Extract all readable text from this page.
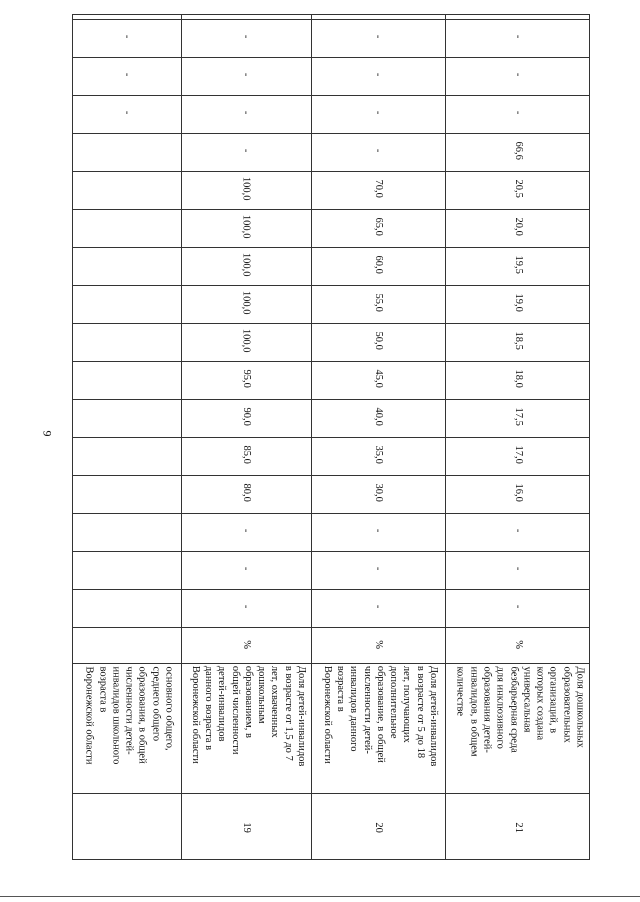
9
основного общего,
среднего общего
образования, в общей
численности детей-
инвалидов школьного
возраста в
Воронежской области
-
-
-
Доля детей-инвалидов
в возрасте от 1,5 до 7
лет, охваченных
дошкольным
образованием, в
общей численности
детей-инвалидов
данного возраста в
Воронежской области
19
%
-
-
-
80,0
85,0
90,0
95,0
100,0
100,0
100,0
100,0
100,0
-
-
-
-
Доля детей-инвалидов
в возрасте от 5 до 18
лет, получающих
дополнительное
образование, в общей
численности детей-
инвалидов данного
возраста в
Воронежской области
20
%
-
-
-
30,0
35,0
40,0
45,0
50,0
55,0
60,0
65,0
70,0
-
-
-
-
Доля дошкольных
образовательных
организаций, в
которых создана
универсальная
безбарьерная среда
для инклюзивного
образования детей-
инвалидов, в общем
количестве
21
%
-
-
-
16,0
17,0
17,5
18,0
18,5
19,0
19,5
20,0
20,5
66,6
-
-
-
